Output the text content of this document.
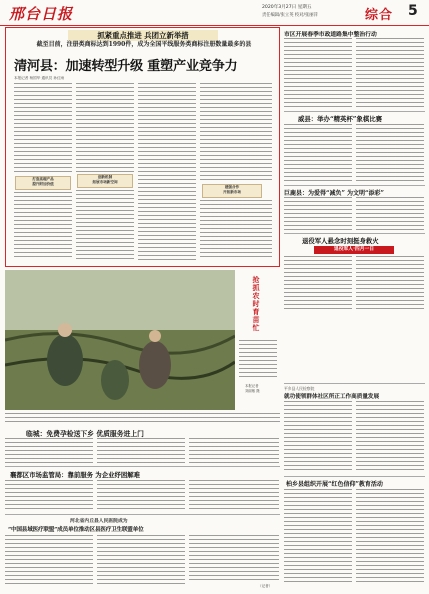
邢台日报	2020年3月27日 星期五
责任编辑/张立英 校对/张丽萍	综合 5
抓紧重点推进 兵团立新举措
截至目前，注册类商标达到1990件，成为全国平线服务类商标注册数量最多的县
清河县：加速转型升级 重塑产业竞争力
本报记者 杨国华 通讯员 孙红雨
打造高端产品
提升附加价值
创新机制
拓展市场新空间
建强合作
开拓新市场
市区开展春季市政道路集中整治行动
威县：举办“精英杯”象棋比赛
巨鹿县：为爱得“减负” 为文明“添彩”
退役军人悬念时刻挺身救火
退役军人·四月一日
抢抓农时育苗忙
本报记者
刘丽敏 摄
临城：免费孕检送下乡 优质服务进上门
襄都区市场监管局：靠前服务 为企业纾困解难
平乡县人民检察院
就功使领群体社区所正工作高质量发展
柏乡县组织开展“红色信仰”教育活动
河北省内丘县人民医院成为
“中国县域医疗联盟”成员单位推动区县医疗卫生联盟单位
（记者）
